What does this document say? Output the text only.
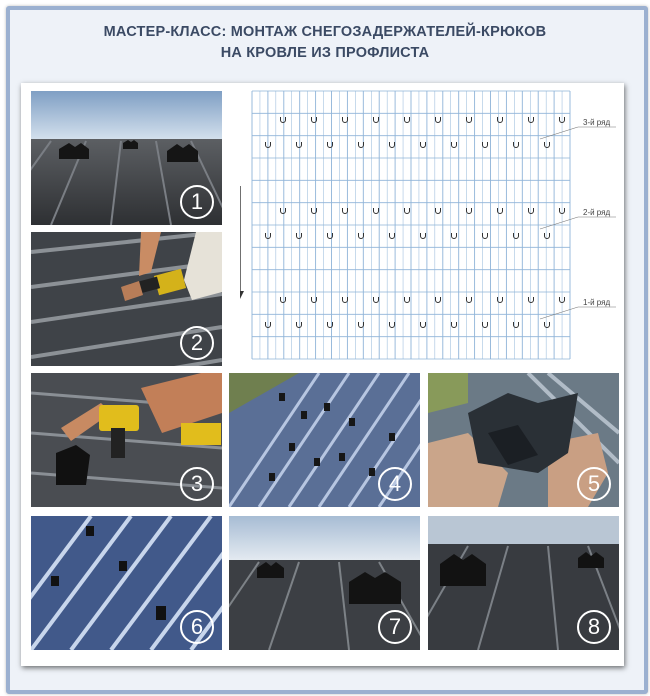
МАСТЕР-КЛАСС: МОНТАЖ СНЕГОЗАДЕРЖАТЕЛЕЙ-КРЮКОВ
НА КРОВЛЕ ИЗ ПРОФЛИСТА
1
2
3-й ряд
2-й ряд
1-й ряд
3	4	5
6	7	8
